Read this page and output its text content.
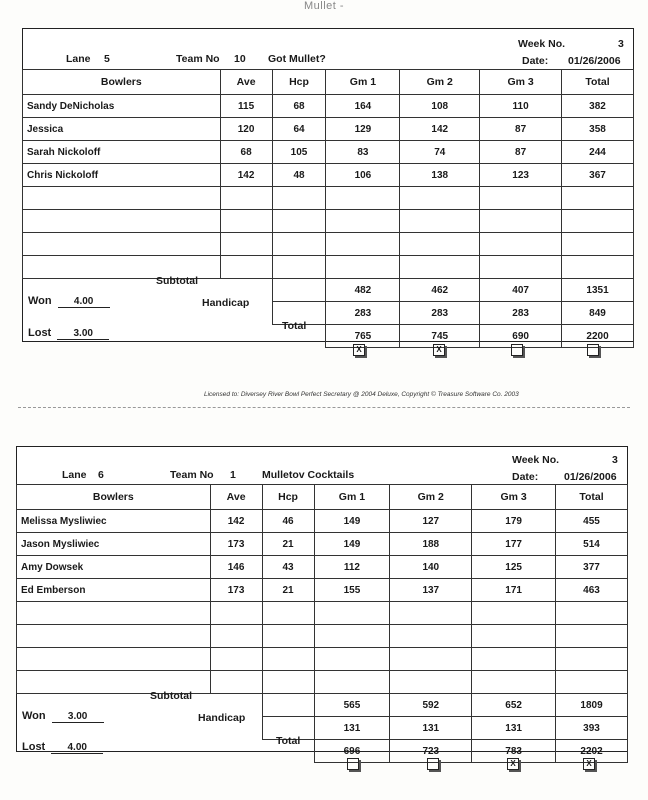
Mullet -
Week No.	3
Lane 5	Team No 10 Got Mullet?	Date: 01/26/2006
Bowlers	Ave	Hcp	Gm 1	Gm 2	Gm 3	Total
Sandy DeNicholas	115	68	164	108	110	382
Jessica	120	64	129	142	87	358
Sarah Nickoloff	68	105	83	74	87	244
Chris Nickoloff	142	48	106	138	123	367

			482	462	407	1351
			283	283	283	849
			765	745	690	2200
Subtotal
Handicap
Total
Won 4.00
Lost 3.00
X	X
Licensed to: Diversey River Bowl Perfect Secretary @ 2004 Deluxe, Copyright © Treasure Software Co. 2003
Week No.	3
Lane 6	Team No 1 Mulletov Cocktails	Date: 01/26/2006
Bowlers	Ave	Hcp	Gm 1	Gm 2	Gm 3	Total
Melissa Mysliwiec	142	46	149	127	179	455
Jason Mysliwiec	173	21	149	188	177	514
Amy Dowsek	146	43	112	140	125	377
Ed Emberson	173	21	155	137	171	463

			565	592	652	1809
			131	131	131	393
			696	723	783	2202
Subtotal
Handicap
Total
Won 3.00
Lost 4.00
X	X
